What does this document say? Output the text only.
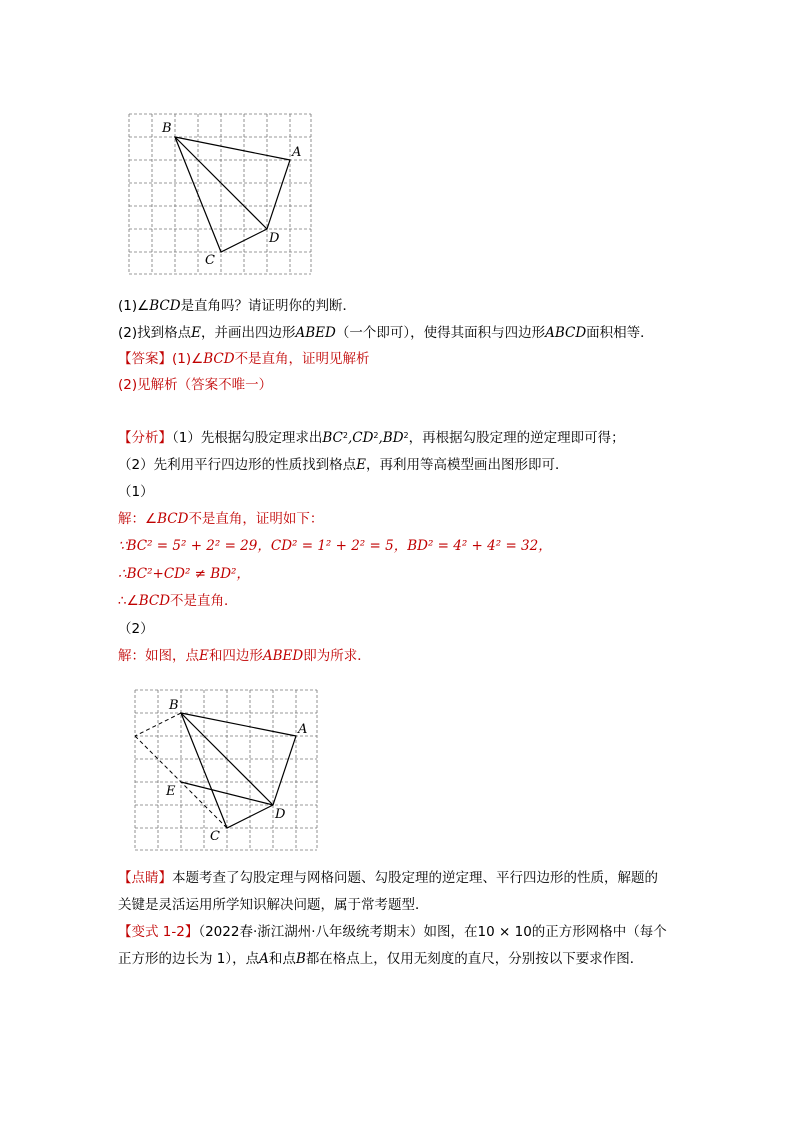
B
A
D
C
(1)∠BCD是直角吗？请证明你的判断．
(2)找到格点E，并画出四边形ABED（一个即可），使得其面积与四边形ABCD面积相等．
【答案】(1)∠BCD不是直角，证明见解析
(2)见解析（答案不唯一）
【分析】（1）先根据勾股定理求出$BC^2,CD^2,BD^2$，再根据勾股定理的逆定理即可得；
（2）先利用平行四边形的性质找到格点E，再利用等高模型画出图形即可．
（1）
解：∠BCD不是直角，证明如下：
∵BC² = 5² + 2² = 29，CD² = 1² + 2² = 5，BD² = 4² + 4² = 32，
∴BC²+CD² ≠ BD²，
∴∠BCD不是直角．
（2）
解：如图，点E和四边形ABED即为所求．
B
A
E
D
C
【点睛】本题考查了勾股定理与网格问题、勾股定理的逆定理、平行四边形的性质，解题的
关键是灵活运用所学知识解决问题，属于常考题型．
【变式 1-2】（2022春·浙江湖州·八年级统考期末）如图，在10 × 10的正方形网格中（每个
正方形的边长为 1），点A和点B都在格点上，仅用无刻度的直尺，分别按以下要求作图．
